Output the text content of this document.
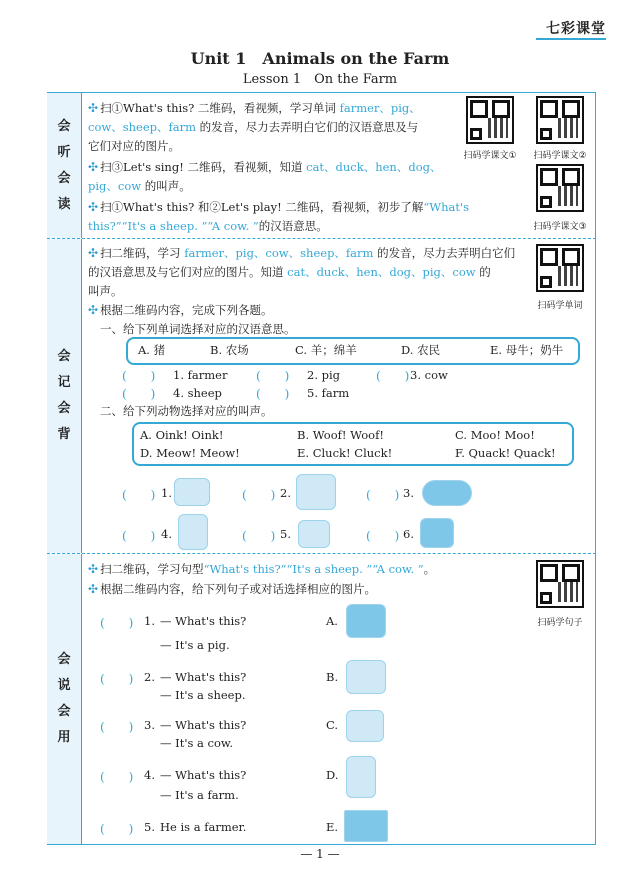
七彩课堂
Unit 1　Animals on the Farm
Lesson 1　On the Farm
会
听
会
读
会
记
会
背
会
说
会
用
✣ 扫①What's this? 二维码，看视频，学习单词 farmer、pig、
cow、sheep、farm 的发音，尽力去弄明白它们的汉语意思及与
它们对应的图片。
✣ 扫③Let's sing! 二维码，看视频，知道 cat、duck、hen、dog、
pig、cow 的叫声。
✣ 扫①What's this? 和②Let's play! 二维码，看视频，初步了解“What's
this?”“It's a sheep. ”“A cow. ”的汉语意思。
扫码学课文①	扫码学课文②
扫码学课文③
✣ 扫二维码，学习 farmer、pig、cow、sheep、farm 的发音，尽力去弄明白它们
的汉语意思及与它们对应的图片。知道 cat、duck、hen、dog、pig、cow 的
叫声。
扫码学单词
✣ 根据二维码内容，完成下列各题。
一、给下列单词选择对应的汉语意思。
A. 猪	B. 农场	C. 羊；绵羊	D. 农民	E. 母牛；奶牛
(　　) 1. farmer (　　) 2. pig	(　　) 3. cow
(　　) 4. sheep	(　　) 5. farm
二、给下列动物选择对应的叫声。
A. Oink! Oink!	B. Woof! Woof!	C. Moo! Moo!
D. Meow! Meow!	E. Cluck! Cluck!	F. Quack! Quack!
(　　) 1.	(　　) 2.	(　　) 3.
(　　) 4.	(　　) 5.	(　　) 6.
✣ 扫二维码，学习句型“What's this?”“It's a sheep. ”“A cow. ”。
✣ 根据二维码内容，给下列句子或对话选择相应的图片。
扫码学句子
(　　) 1. — What's this?
— It's a pig.
A.
(　　) 2. — What's this?
— It's a sheep.
B.
(　　) 3. — What's this?
— It's a cow.
C.
(　　) 4. — What's this?
— It's a farm.
D.
(　　) 5. He is a farmer.	E.
— 1 —
